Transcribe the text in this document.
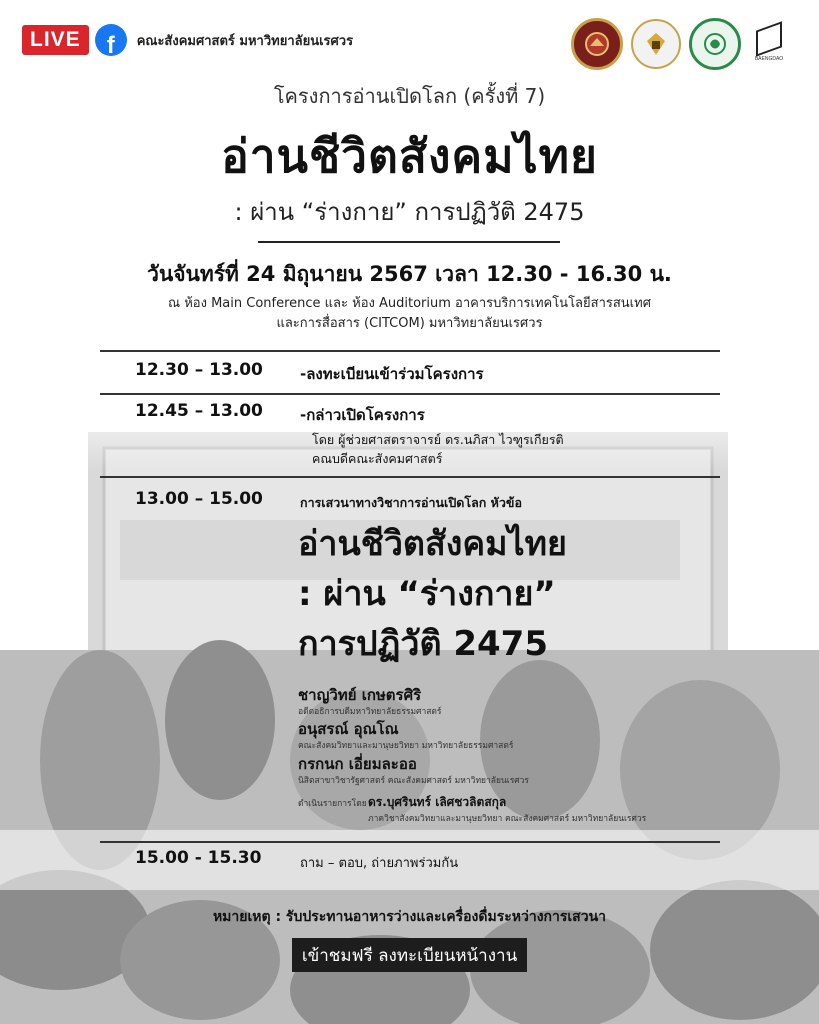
LIVE	f คณะสังคมศาสตร์ มหาวิทยาลัยนเรศวร
BAENGDAO
โครงการอ่านเปิดโลก (ครั้งที่ 7)
อ่านชีวิตสังคมไทย
: ผ่าน “ร่างกาย” การปฏิวัติ 2475
วันจันทร์ที่ 24 มิถุนายน 2567 เวลา 12.30 - 16.30 น.
ณ ห้อง Main Conference และ ห้อง Auditorium อาคารบริการเทคโนโลยีสารสนเทศ
และการสื่อสาร (CITCOM) มหาวิทยาลัยนเรศวร
12.30 – 13.00 -ลงทะเบียนเข้าร่วมโครงการ
12.45 – 13.00 -กล่าวเปิดโครงการ
โดย ผู้ช่วยศาสตราจารย์ ดร.นภิสา ไวฑูรเกียรติ
คณบดีคณะสังคมศาสตร์
13.00 – 15.00	การเสวนาทางวิชาการอ่านเปิดโลก หัวข้อ
อ่านชีวิตสังคมไทย
: ผ่าน “ร่างกาย”
การปฏิวัติ 2475
ชาญวิทย์ เกษตรศิริ
อดีตอธิการบดีมหาวิทยาลัยธรรมศาสตร์
อนุสรณ์ อุณโณ
คณะสังคมวิทยาและมานุษยวิทยา มหาวิทยาลัยธรรมศาสตร์
กรกนก เอี่ยมละออ
นิสิตสาขาวิชารัฐศาสตร์ คณะสังคมศาสตร์ มหาวิทยาลัยนเรศวร
ดำเนินรายการโดย ดร.บุศรินทร์ เลิศชวลิตสกุล
ภาควิชาสังคมวิทยาและมานุษยวิทยา คณะสังคมศาสตร์ มหาวิทยาลัยนเรศวร
15.00 - 15.30	ถาม – ตอบ, ถ่ายภาพร่วมกัน
หมายเหตุ : รับประทานอาหารว่างและเครื่องดื่มระหว่างการเสวนา
เข้าชมฟรี ลงทะเบียนหน้างาน
